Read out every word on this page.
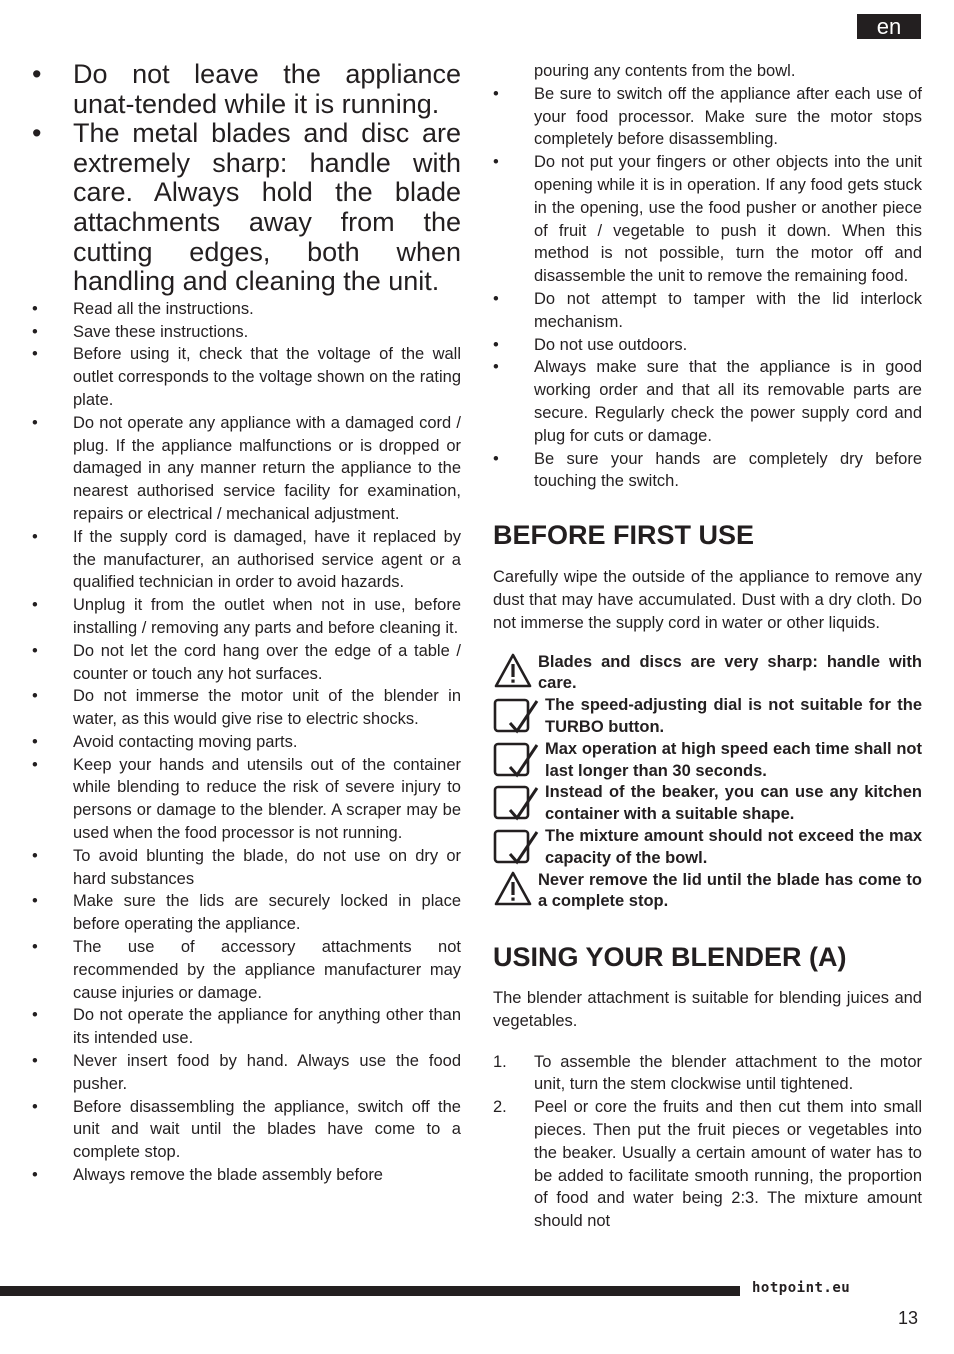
en
• Do not leave the appliance unat-tended while it is running.
• The metal blades and disc are extremely sharp: handle with care. Always hold the blade attachments away from the cutting edges, both when handling and cleaning the unit.
• Read all the instructions.
• Save these instructions.
• Before using it, check that the voltage of the wall outlet corresponds to the voltage shown on the rating plate.
• Do not operate any appliance with a damaged cord / plug. If the appliance malfunctions or is dropped or damaged in any manner return the appliance to the nearest authorised service facility for examination, repairs or electrical / mechanical adjustment.
• If the supply cord is damaged, have it replaced by the manufacturer, an authorised service agent or a qualified technician in order to avoid hazards.
• Unplug it from the outlet when not in use, before installing / removing any parts and before cleaning it.
• Do not let the cord hang over the edge of a table / counter or touch any hot surfaces.
• Do not immerse the motor unit of the blender in water, as this would give rise to electric shocks.
• Avoid contacting moving parts.
• Keep your hands and utensils out of the container while blending to reduce the risk of severe injury to persons or damage to the blender. A scraper may be used when the food processor is not running.
• To avoid blunting the blade, do not use on dry or hard substances
• Make sure the lids are securely locked in place before operating the appliance.
• The use of accessory attachments not recommended by the appliance manufacturer may cause injuries or damage.
• Do not operate the appliance for anything other than its intended use.
• Never insert food by hand. Always use the food pusher.
• Before disassembling the appliance, switch off the unit and wait until the blades have come to a complete stop.
• Always remove the blade assembly before
pouring any contents from the bowl.
• Be sure to switch off the appliance after each use of your food processor. Make sure the motor stops completely before disassembling.
• Do not put your fingers or other objects into the unit opening while it is in operation. If any food gets stuck in the opening, use the food pusher or another piece of fruit / vegetable to push it down. When this method is not possible, turn the motor off and disassemble the unit to remove the remaining food.
• Do not attempt to tamper with the lid interlock mechanism.
• Do not use outdoors.
• Always make sure that the appliance is in good working order and that all its removable parts are secure. Regularly check the power supply cord and plug for cuts or damage.
• Be sure your hands are completely dry before touching the switch.
BEFORE FIRST USE

Carefully wipe the outside of the appliance to remove any dust that may have accumulated. Dust with a dry cloth. Do not immerse the supply cord in water or other liquids.

Blades and discs are very sharp: handle with care.
The speed-adjusting dial is not suitable for the TURBO button.
Max operation at high speed each time shall not last longer than 30 seconds.
Instead of the beaker, you can use any kitchen container with a suitable shape.
The mixture amount should not exceed the max capacity of the bowl.
Never remove the lid until the blade has come to a complete stop.
USING YOUR BLENDER (A)

The blender attachment is suitable for blending juices and vegetables.

1. To assemble the blender attachment to the motor unit, turn the stem clockwise until tightened.
2. Peel or core the fruits and then cut them into small pieces. Then put the fruit pieces or vegetables into the beaker. Usually a certain amount of water has to be added to facilitate smooth running, the proportion of food and water being 2:3. The mixture amount should not
hotpoint.eu
13
